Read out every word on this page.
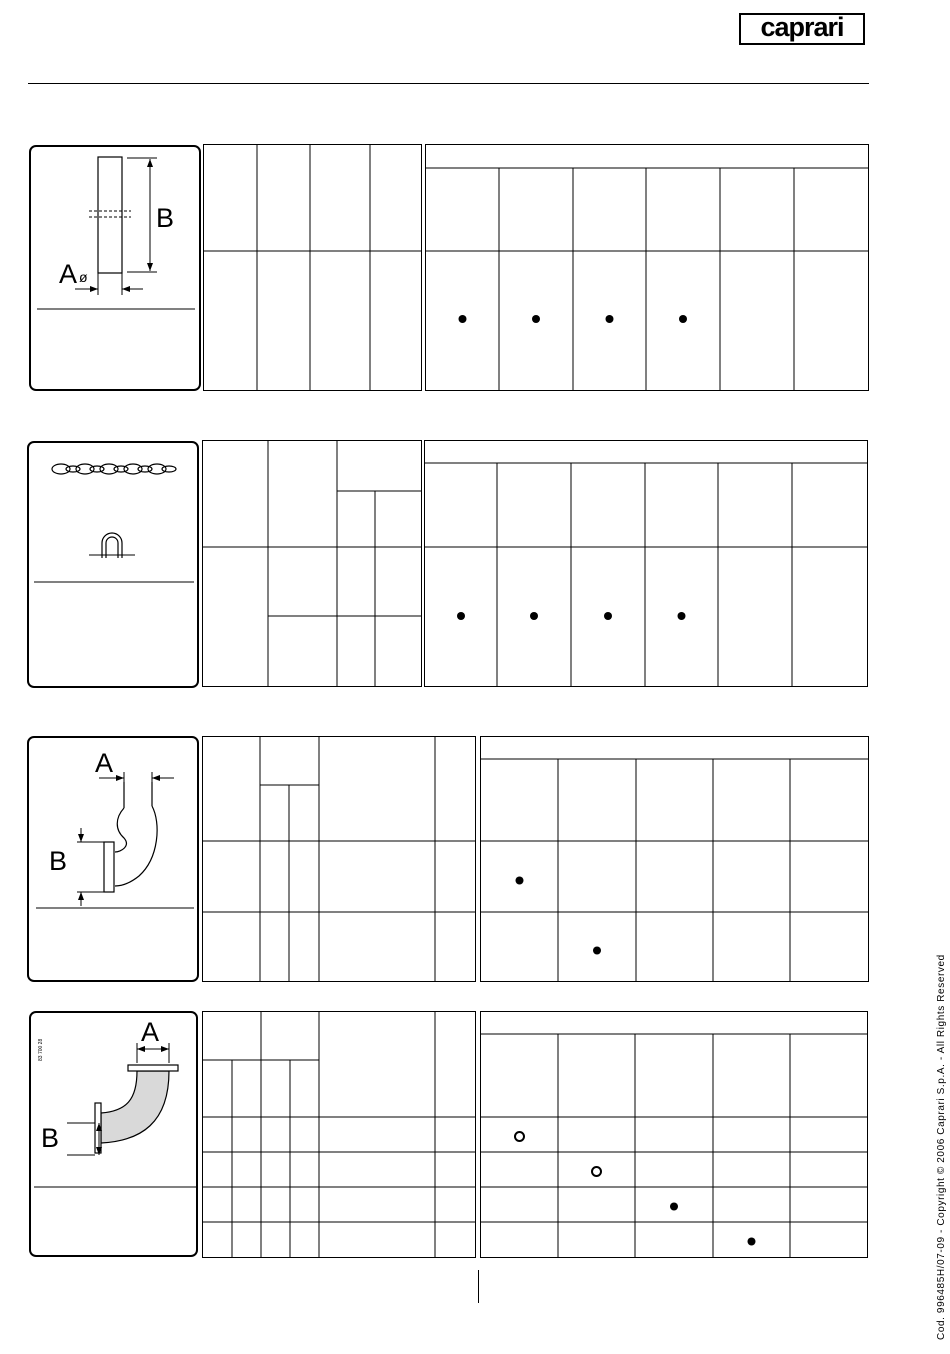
caprari
B
A ø
A
B
A
B
83 700 28	Cod. 996485H/07-09 - Copyright © 2006 Caprari S.p.A. - All Rights Reserved
